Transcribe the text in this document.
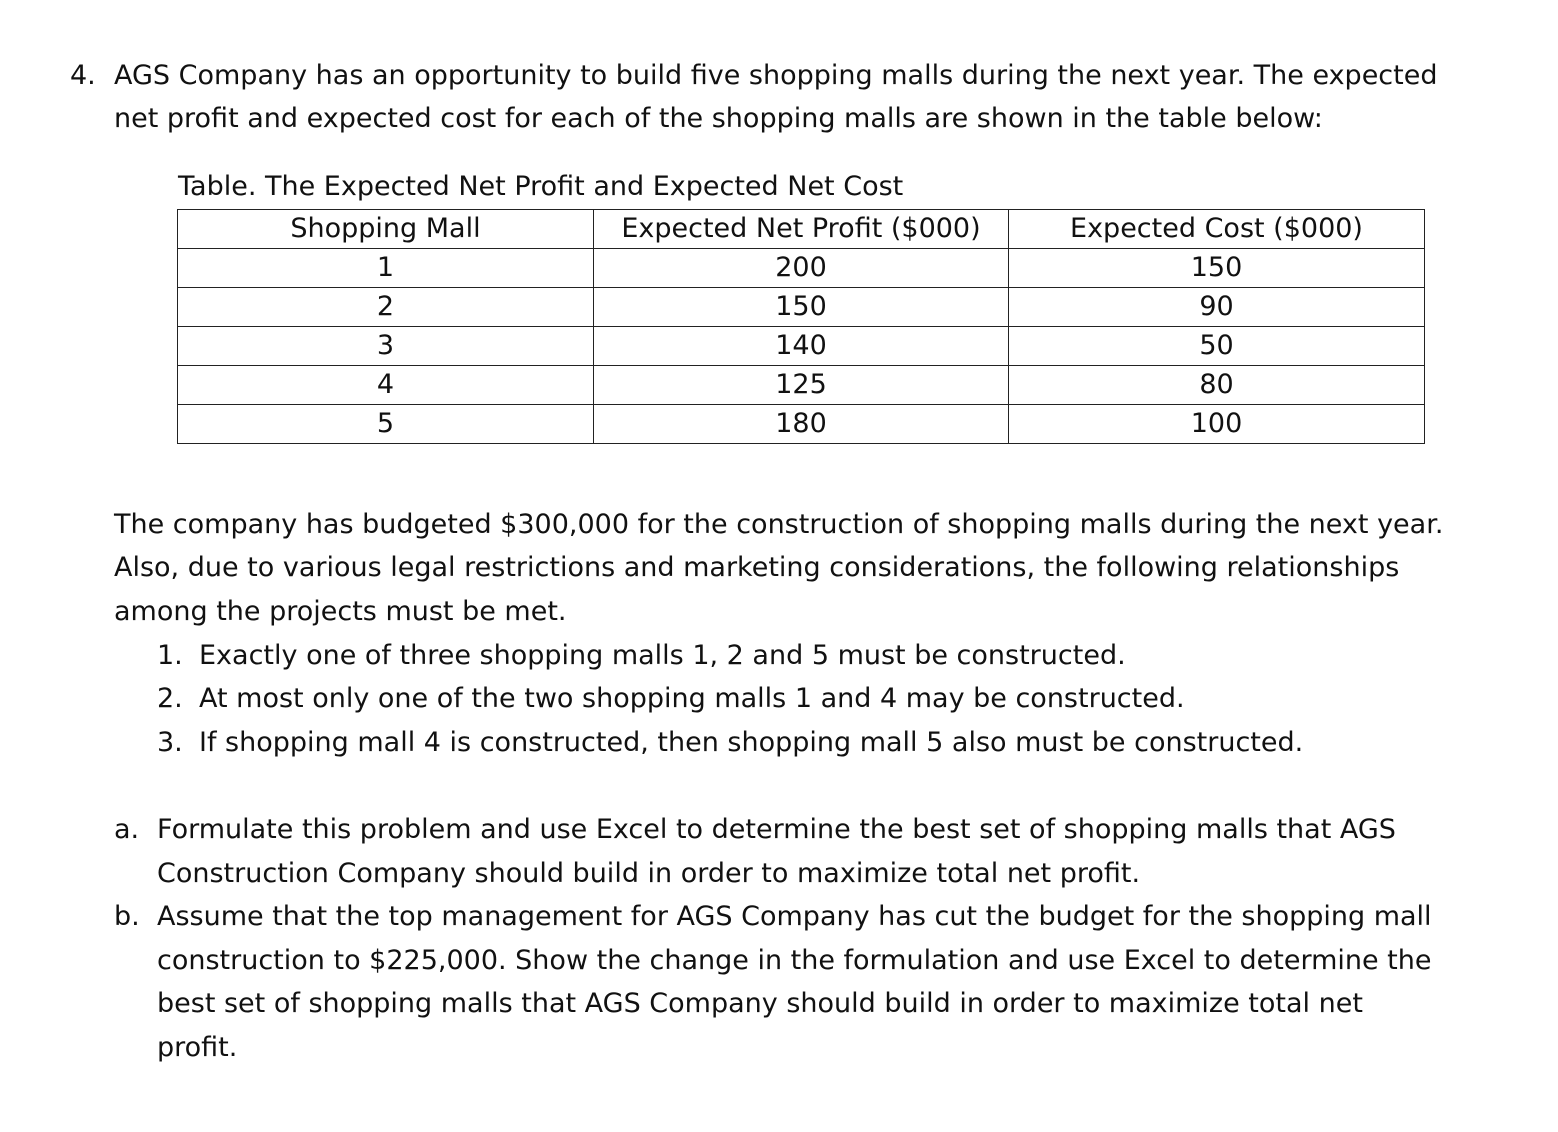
4. AGS Company has an opportunity to build five shopping malls during the next year. The expected
net profit and expected cost for each of the shopping malls are shown in the table below:
Table. The Expected Net Profit and Expected Net Cost
Shopping Mall	Expected Net Profit ($000)	Expected Cost ($000)
1	200	150
2	150	90
3	140	50
4	125	80
5	180	100
The company has budgeted $300,000 for the construction of shopping malls during the next year.
Also, due to various legal restrictions and marketing considerations, the following relationships
among the projects must be met.
1. Exactly one of three shopping malls 1, 2 and 5 must be constructed.
2. At most only one of the two shopping malls 1 and 4 may be constructed.
3. If shopping mall 4 is constructed, then shopping mall 5 also must be constructed.
a. Formulate this problem and use Excel to determine the best set of shopping malls that AGS
Construction Company should build in order to maximize total net profit.
b. Assume that the top management for AGS Company has cut the budget for the shopping mall
construction to $225,000. Show the change in the formulation and use Excel to determine the
best set of shopping malls that AGS Company should build in order to maximize total net
profit.
